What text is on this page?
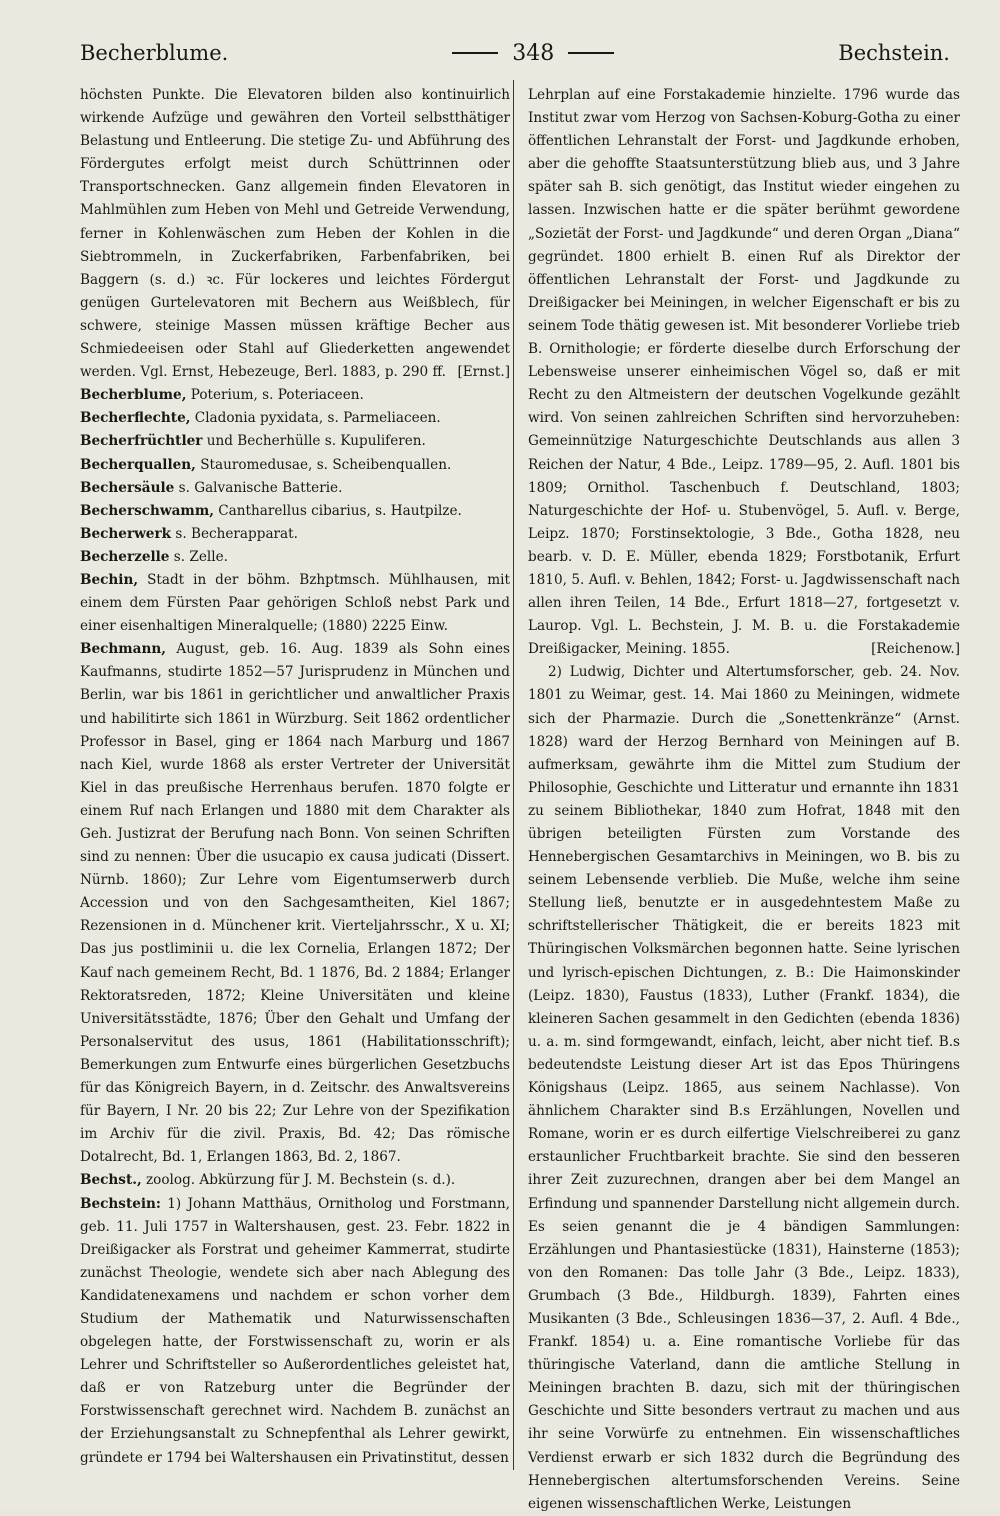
Becherblume.	348	Bechstein.

höchsten Punkte. Die Elevatoren bilden also kontinuirlich wirkende Aufzüge und gewähren den Vorteil selbstthätiger Belastung und Entleerung. Die stetige Zu- und Abführung des Fördergutes erfolgt meist durch Schüttrinnen oder Transportschnecken. Ganz allgemein finden Elevatoren in Mahlmühlen zum Heben von Mehl und Getreide Verwendung, ferner in Kohlenwäschen zum Heben der Kohlen in die Siebtrommeln, in Zuckerfabriken, Farbenfabriken, bei Baggern (s. d.) ꝛc. Für lockeres und leichtes Fördergut genügen Gurtelevatoren mit Bechern aus Weißblech, für schwere, steinige Massen müssen kräftige Becher aus Schmiedeeisen oder Stahl auf Gliederketten angewendet werden. Vgl. Ernst, Hebezeuge, Berl. 1883, p. 290 ff. [Ernst.]

Becherblume, Poterium, s. Poteriaceen.

Becherflechte, Cladonia pyxidata, s. Parmeliaceen.

Becherfrüchtler und Becherhülle s. Kupuliferen.

Becherquallen, Stauromedusae, s. Scheibenquallen.

Bechersäule s. Galvanische Batterie.

Becherschwamm, Cantharellus cibarius, s. Hautpilze.

Becherwerk s. Becherapparat.

Becherzelle s. Zelle.

Bechin, Stadt in der böhm. Bzhptmsch. Mühlhausen, mit einem dem Fürsten Paar gehörigen Schloß nebst Park und einer eisenhaltigen Mineralquelle; (1880) 2225 Einw.

Bechmann, August, geb. 16. Aug. 1839 als Sohn eines Kaufmanns, studirte 1852—57 Jurisprudenz in München und Berlin, war bis 1861 in gerichtlicher und anwaltlicher Praxis und habilitirte sich 1861 in Würzburg. Seit 1862 ordentlicher Professor in Basel, ging er 1864 nach Marburg und 1867 nach Kiel, wurde 1868 als erster Vertreter der Universität Kiel in das preußische Herrenhaus berufen. 1870 folgte er einem Ruf nach Erlangen und 1880 mit dem Charakter als Geh. Justizrat der Berufung nach Bonn. Von seinen Schriften sind zu nennen: Über die usucapio ex causa judicati (Dissert. Nürnb. 1860); Zur Lehre vom Eigentumserwerb durch Accession und von den Sachgesamtheiten, Kiel 1867; Rezensionen in d. Münchener krit. Vierteljahrsschr., X u. XI; Das jus postliminii u. die lex Cornelia, Erlangen 1872; Der Kauf nach gemeinem Recht, Bd. 1 1876, Bd. 2 1884; Erlanger Rektoratsreden, 1872; Kleine Universitäten und kleine Universitätsstädte, 1876; Über den Gehalt und Umfang der Personalservitut des usus, 1861 (Habilitationsschrift); Bemerkungen zum Entwurfe eines bürgerlichen Gesetzbuchs für das Königreich Bayern, in d. Zeitschr. des Anwaltsvereins für Bayern, I Nr. 20 bis 22; Zur Lehre von der Spezifikation im Archiv für die zivil. Praxis, Bd. 42; Das römische Dotalrecht, Bd. 1, Erlangen 1863, Bd. 2, 1867.

Bechst., zoolog. Abkürzung für J. M. Bechstein (s. d.).

Bechstein: 1) Johann Matthäus, Ornitholog und Forstmann, geb. 11. Juli 1757 in Waltershausen, gest. 23. Febr. 1822 in Dreißigacker als Forstrat und geheimer Kammerrat, studirte zunächst Theologie, wendete sich aber nach Ablegung des Kandidatenexamens und nachdem er schon vorher dem Studium der Mathematik und Naturwissenschaften obgelegen hatte, der Forstwissenschaft zu, worin er als Lehrer und Schriftsteller so Außerordentliches geleistet hat, daß er von Ratzeburg unter die Begründer der Forstwissenschaft gerechnet wird. Nachdem B. zunächst an der Erziehungsanstalt zu Schnepfenthal als Lehrer gewirkt, gründete er 1794 bei Waltershausen ein Privatinstitut, dessen

Lehrplan auf eine Forstakademie hinzielte. 1796 wurde das Institut zwar vom Herzog von Sachsen-Koburg-Gotha zu einer öffentlichen Lehranstalt der Forst- und Jagdkunde erhoben, aber die gehoffte Staatsunterstützung blieb aus, und 3 Jahre später sah B. sich genötigt, das Institut wieder eingehen zu lassen. Inzwischen hatte er die später berühmt gewordene „Sozietät der Forst- und Jagdkunde“ und deren Organ „Diana“ gegründet. 1800 erhielt B. einen Ruf als Direktor der öffentlichen Lehranstalt der Forst- und Jagdkunde zu Dreißigacker bei Meiningen, in welcher Eigenschaft er bis zu seinem Tode thätig gewesen ist. Mit besonderer Vorliebe trieb B. Ornithologie; er förderte dieselbe durch Erforschung der Lebensweise unserer einheimischen Vögel so, daß er mit Recht zu den Altmeistern der deutschen Vogelkunde gezählt wird. Von seinen zahlreichen Schriften sind hervorzuheben: Gemeinnützige Naturgeschichte Deutschlands aus allen 3 Reichen der Natur, 4 Bde., Leipz. 1789—95, 2. Aufl. 1801 bis 1809; Ornithol. Taschenbuch f. Deutschland, 1803; Naturgeschichte der Hof- u. Stubenvögel, 5. Aufl. v. Berge, Leipz. 1870; Forstinsektologie, 3 Bde., Gotha 1828, neu bearb. v. D. E. Müller, ebenda 1829; Forstbotanik, Erfurt 1810, 5. Aufl. v. Behlen, 1842; Forst- u. Jagdwissenschaft nach allen ihren Teilen, 14 Bde., Erfurt 1818—27, fortgesetzt v. Laurop. Vgl. L. Bechstein, J. M. B. u. die Forstakademie Dreißigacker, Meining. 1855.	[Reichenow.]

2) Ludwig, Dichter und Altertumsforscher, geb. 24. Nov. 1801 zu Weimar, gest. 14. Mai 1860 zu Meiningen, widmete sich der Pharmazie. Durch die „Sonettenkränze“ (Arnst. 1828) ward der Herzog Bernhard von Meiningen auf B. aufmerksam, gewährte ihm die Mittel zum Studium der Philosophie, Geschichte und Litteratur und ernannte ihn 1831 zu seinem Bibliothekar, 1840 zum Hofrat, 1848 mit den übrigen beteiligten Fürsten zum Vorstande des Hennebergischen Gesamtarchivs in Meiningen, wo B. bis zu seinem Lebensende verblieb. Die Muße, welche ihm seine Stellung ließ, benutzte er in ausgedehntestem Maße zu schriftstellerischer Thätigkeit, die er bereits 1823 mit Thüringischen Volksmärchen begonnen hatte. Seine lyrischen und lyrisch-epischen Dichtungen, z. B.: Die Haimonskinder (Leipz. 1830), Faustus (1833), Luther (Frankf. 1834), die kleineren Sachen gesammelt in den Gedichten (ebenda 1836) u. a. m. sind formgewandt, einfach, leicht, aber nicht tief. B.s bedeutendste Leistung dieser Art ist das Epos Thüringens Königshaus (Leipz. 1865, aus seinem Nachlasse). Von ähnlichem Charakter sind B.s Erzählungen, Novellen und Romane, worin er es durch eilfertige Vielschreiberei zu ganz erstaunlicher Fruchtbarkeit brachte. Sie sind den besseren ihrer Zeit zuzurechnen, drangen aber bei dem Mangel an Erfindung und spannender Darstellung nicht allgemein durch. Es seien genannt die je 4 bändigen Sammlungen: Erzählungen und Phantasiestücke (1831), Hainsterne (1853); von den Romanen: Das tolle Jahr (3 Bde., Leipz. 1833), Grumbach (3 Bde., Hildburgh. 1839), Fahrten eines Musikanten (3 Bde., Schleusingen 1836—37, 2. Aufl. 4 Bde., Frankf. 1854) u. a. Eine romantische Vorliebe für das thüringische Vaterland, dann die amtliche Stellung in Meiningen brachten B. dazu, sich mit der thüringischen Geschichte und Sitte besonders vertraut zu machen und aus ihr seine Vorwürfe zu entnehmen. Ein wissenschaftliches Verdienst erwarb er sich 1832 durch die Begründung des Hennebergischen altertumsforschenden Vereins. Seine eigenen wissenschaftlichen Werke, Leistungen
